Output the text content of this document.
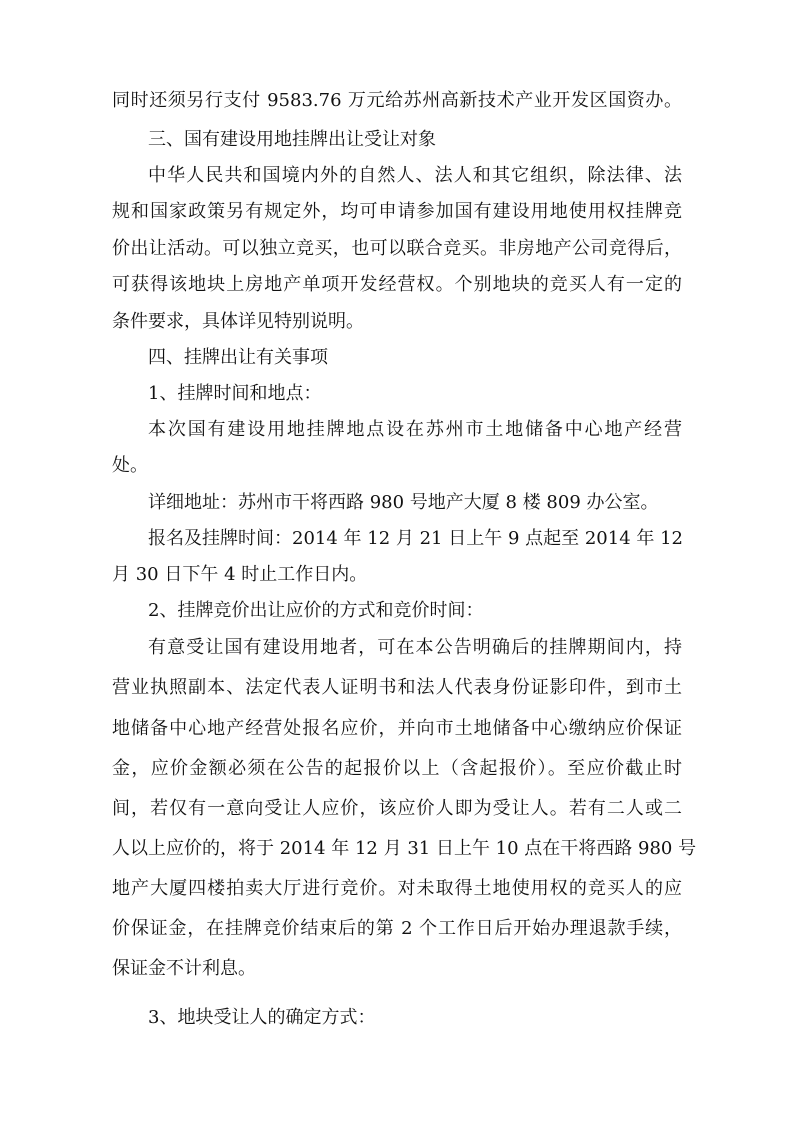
同时还须另行支付 9583.76 万元给苏州高新技术产业开发区国资办。
三、国有建设用地挂牌出让受让对象
中华人民共和国境内外的自然人、法人和其它组织，除法律、法
规和国家政策另有规定外，均可申请参加国有建设用地使用权挂牌竞
价出让活动。可以独立竞买，也可以联合竞买。非房地产公司竞得后，
可获得该地块上房地产单项开发经营权。个别地块的竞买人有一定的
条件要求，具体详见特别说明。
四、挂牌出让有关事项
1、挂牌时间和地点：
本次国有建设用地挂牌地点设在苏州市土地储备中心地产经营
处。
详细地址：苏州市干将西路 980 号地产大厦 8 楼 809 办公室。
报名及挂牌时间：2014 年 12 月 21 日上午 9 点起至 2014 年 12
月 30 日下午 4 时止工作日内。
2、挂牌竞价出让应价的方式和竞价时间：
有意受让国有建设用地者，可在本公告明确后的挂牌期间内，持
营业执照副本、法定代表人证明书和法人代表身份证影印件，到市土
地储备中心地产经营处报名应价，并向市土地储备中心缴纳应价保证
金，应价金额必须在公告的起报价以上（含起报价）。至应价截止时
间，若仅有一意向受让人应价，该应价人即为受让人。若有二人或二
人以上应价的，将于 2014 年 12 月 31 日上午 10 点在干将西路 980 号
地产大厦四楼拍卖大厅进行竞价。对未取得土地使用权的竞买人的应
价保证金，在挂牌竞价结束后的第 2 个工作日后开始办理退款手续，
保证金不计利息。
3、地块受让人的确定方式：
